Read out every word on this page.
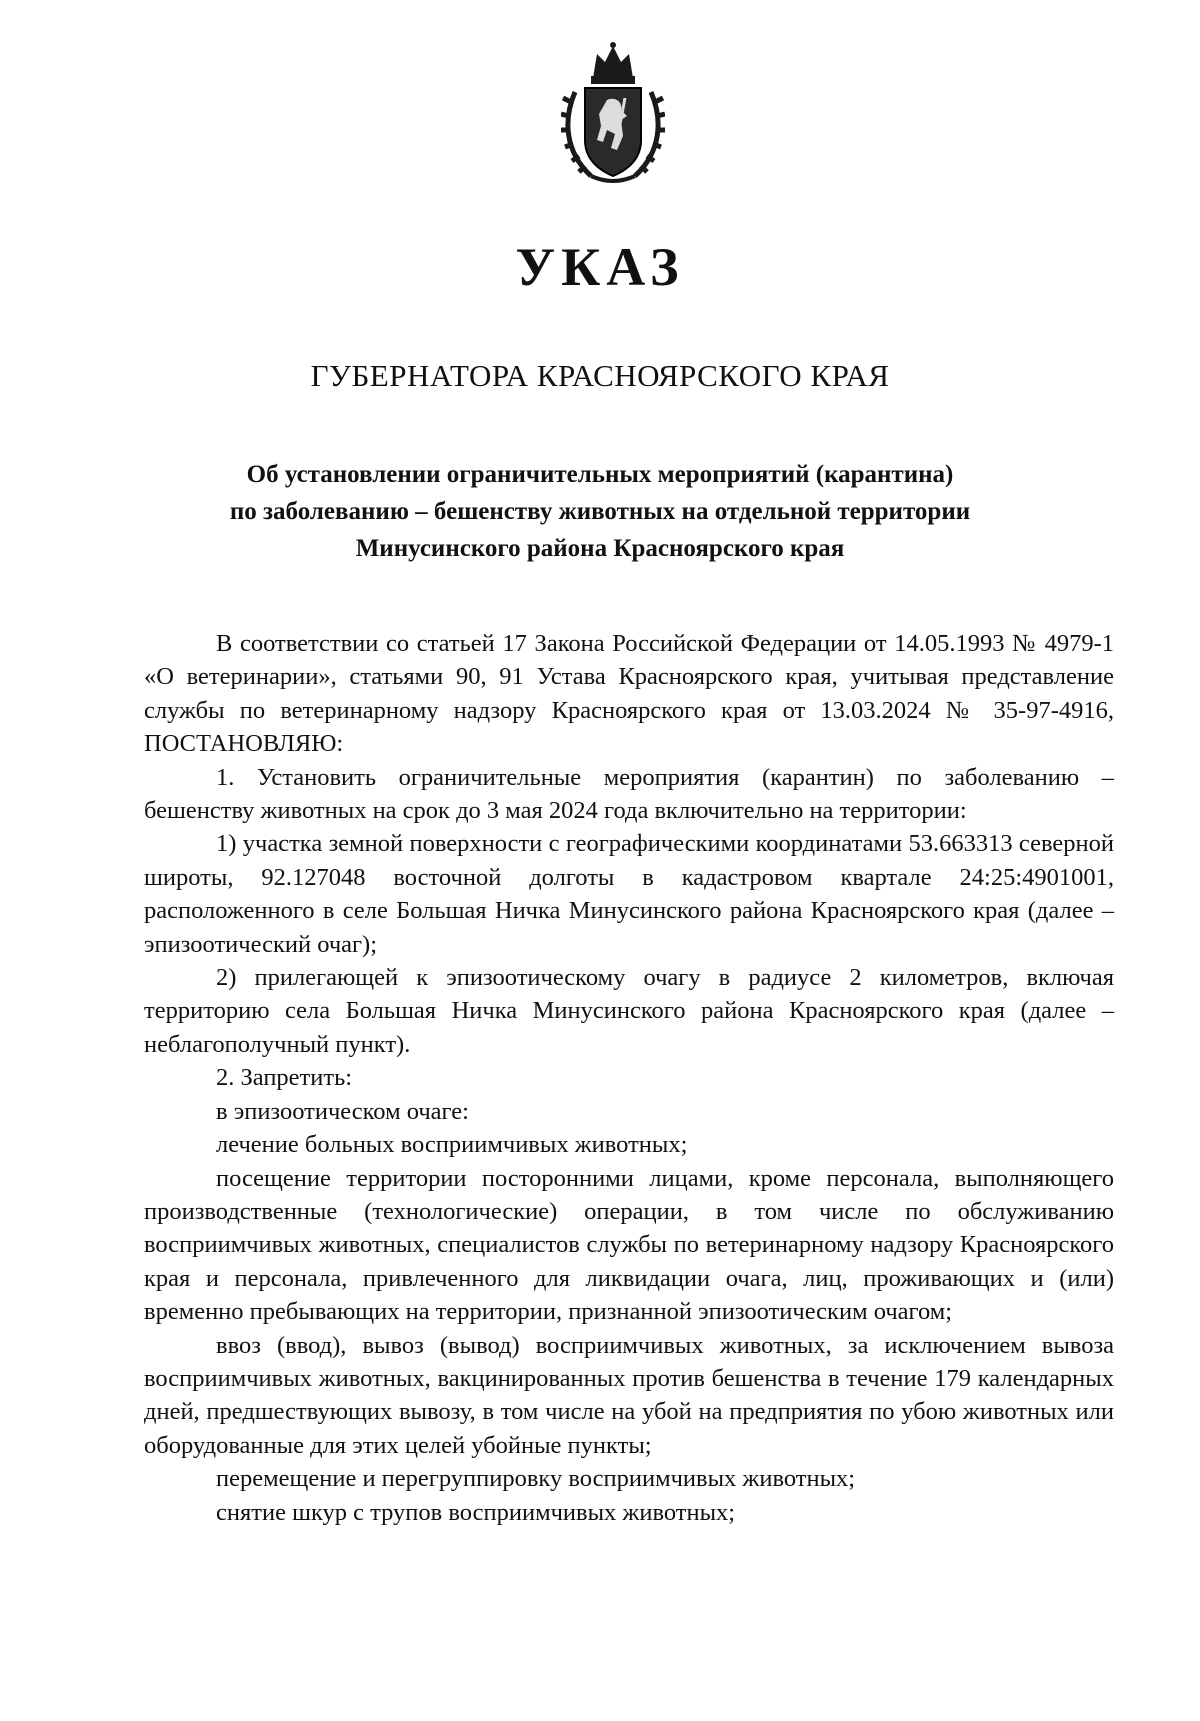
УКАЗ
ГУБЕРНАТОРА КРАСНОЯРСКОГО КРАЯ
Об установлении ограничительных мероприятий (карантина)
по заболеванию – бешенству животных на отдельной территории
Минусинского района Красноярского края
В соответствии со статьей 17 Закона Российской Федерации от 14.05.1993 № 4979-1 «О ветеринарии», статьями 90, 91 Устава Красноярского края, учитывая представление службы по ветеринарному надзору Красноярского края от 13.03.2024 № 35-97-4916, ПОСТАНОВЛЯЮ:
1. Установить ограничительные мероприятия (карантин) по заболеванию – бешенству животных на срок до 3 мая 2024 года включительно на территории:
1) участка земной поверхности с географическими координатами 53.663313 северной широты, 92.127048 восточной долготы в кадастровом квартале 24:25:4901001, расположенного в селе Большая Ничка Минусинского района Красноярского края (далее – эпизоотический очаг);
2) прилегающей к эпизоотическому очагу в радиусе 2 километров, включая территорию села Большая Ничка Минусинского района Красноярского края (далее – неблагополучный пункт).
2. Запретить:
в эпизоотическом очаге:
лечение больных восприимчивых животных;
посещение территории посторонними лицами, кроме персонала, выполняющего производственные (технологические) операции, в том числе по обслуживанию восприимчивых животных, специалистов службы по ветеринарному надзору Красноярского края и персонала, привлеченного для ликвидации очага, лиц, проживающих и (или) временно пребывающих на территории, признанной эпизоотическим очагом;
ввоз (ввод), вывоз (вывод) восприимчивых животных, за исключением вывоза восприимчивых животных, вакцинированных против бешенства в течение 179 календарных дней, предшествующих вывозу, в том числе на убой на предприятия по убою животных или оборудованные для этих целей убойные пункты;
перемещение и перегруппировку восприимчивых животных;
снятие шкур с трупов восприимчивых животных;
